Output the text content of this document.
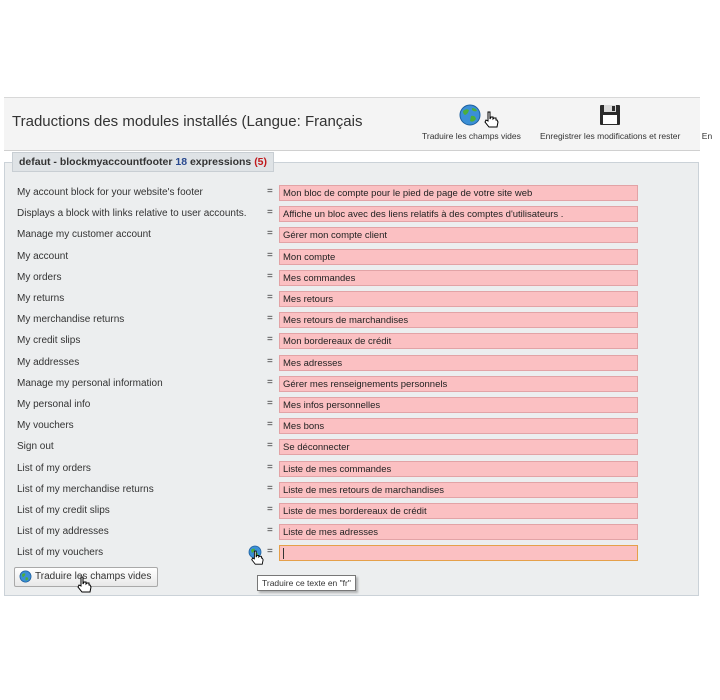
Traductions des modules installés (Langue: Français
Traduire les champs vides Enregistrer les modifications et rester	En
defaut - blockmyaccountfooter 18 expressions (5)
My account block for your website's footer	=	Mon bloc de compte pour le pied de page de votre site web
Displays a block with links relative to user accounts. =	Affiche un bloc avec des liens relatifs à des comptes d'utilisateurs .
Manage my customer account	=	Gérer mon compte client
My account	=	Mon compte
My orders	=	Mes commandes
My returns	=	Mes retours
My merchandise returns	=	Mes retours de marchandises
My credit slips	=	Mon bordereaux de crédit
My addresses	=	Mes adresses
Manage my personal information	=	Gérer mes renseignements personnels
My personal info	=	Mes infos personnelles
My vouchers	=	Mes bons
Sign out	=	Se déconnecter
List of my orders	=	Liste de mes commandes
List of my merchandise returns	=	Liste de mes retours de marchandises
List of my credit slips	=	Liste de mes bordereaux de crédit
List of my addresses	=	Liste de mes adresses
List of my vouchers	=
Traduire ce texte en "fr"
Traduire les champs vides
